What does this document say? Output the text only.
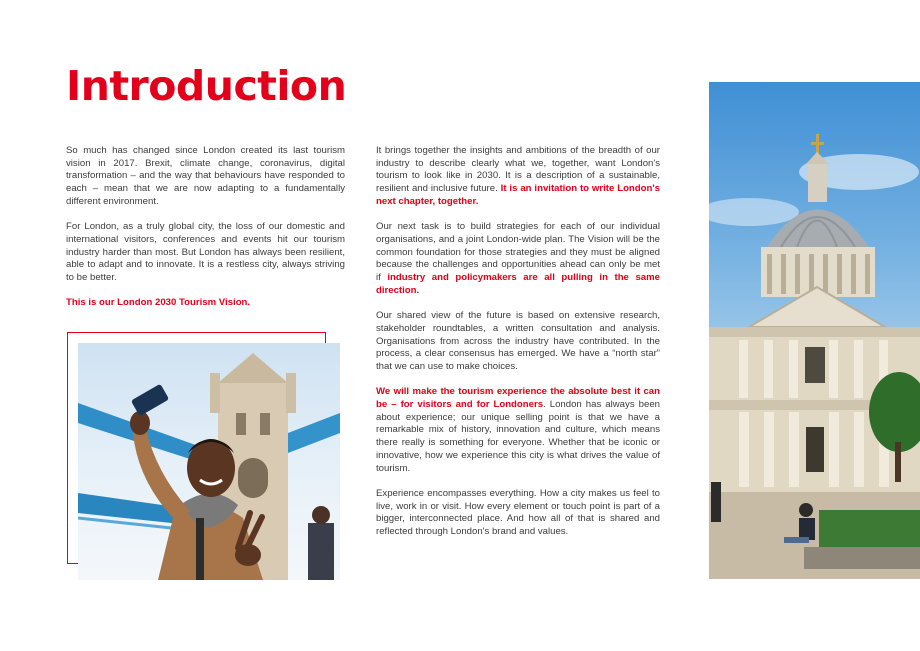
Introduction

So much has changed since London created its last tourism vision in 2017. Brexit, climate change, coronavirus, digital transformation – and the way that behaviours have responded to each – mean that we are now adapting to a fundamentally different environment.

For London, as a truly global city, the loss of our domestic and international visitors, conferences and events hit our tourism industry harder than most. But London has always been resilient, able to adapt and to innovate. It is a restless city, always striving to be better.

This is our London 2030 Tourism Vision.

It brings together the insights and ambitions of the breadth of our industry to describe clearly what we, together, want London's tourism to look like in 2030. It is a description of a sustainable, resilient and inclusive future. It is an invitation to write London's next chapter, together.

Our next task is to build strategies for each of our individual organisations, and a joint London-wide plan. The Vision will be the common foundation for those strategies and they must be aligned because the challenges and opportunities ahead can only be met if industry and policymakers are all pulling in the same direction.

Our shared view of the future is based on extensive research, stakeholder roundtables, a written consultation and analysis. Organisations from across the industry have contributed. In the process, a clear consensus has emerged. We have a “north star” that we can use to make choices.

We will make the tourism experience the absolute best it can be – for visitors and for Londoners. London has always been about experience; our unique selling point is that we have a remarkable mix of history, innovation and culture, which means there really is something for everyone. Whether that be iconic or innovative, how we experience this city is what drives the value of tourism.

Experience encompasses everything. How a city makes us feel to live, work in or visit. How every element or touch point is part of a bigger, interconnected place. And how all of that is shared and reflected through London's brand and values.
